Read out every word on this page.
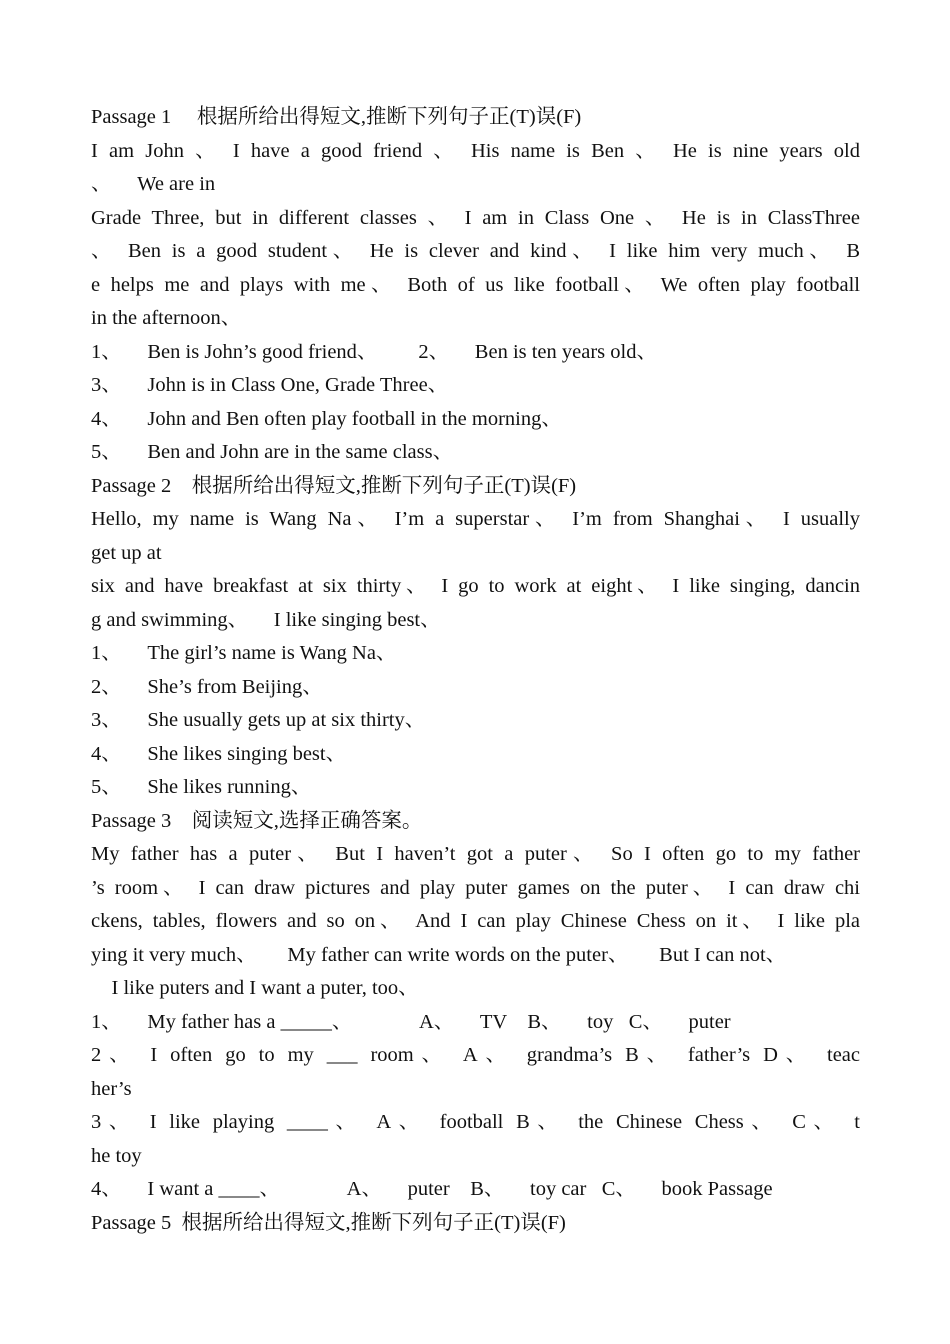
Passage 1     根据所给出得短文,推断下列句子正(T)误(F)
I am John 、 I have a good friend 、 His name is Ben 、 He is nine years old
、     We are in
Grade Three, but in different classes 、 I am in Class One 、 He is in ClassThree
、 Ben is a good student、 He is clever and kind、 I like him very much、 B
e helps me and plays with me、 Both of us like football、 We often play football
in the afternoon、
1、     Ben is John’s good friend、        2、     Ben is ten years old、
3、     John is in Class One, Grade Three、
4、     John and Ben often play football in the morning、
5、     Ben and John are in the same class、
Passage 2    根据所给出得短文,推断下列句子正(T)误(F)
Hello, my name is Wang Na、 I’m a superstar、 I’m from Shanghai、 I usually
get up at
six and have breakfast at six thirty、 I go to work at eight、 I like singing, dancin
g and swimming、     I like singing best、
1、     The girl’s name is Wang Na、
2、     She’s from Beijing、
3、     She usually gets up at six thirty、
4、     She likes singing best、
5、     She likes running、
Passage 3    阅读短文,选择正确答案。
My father has a puter、 But I haven’t got a puter、 So I often go to my father
’s room、 I can draw pictures and play puter games on the puter、 I can draw chi
ckens, tables, flowers and so on、 And I can play Chinese Chess on it、 I like pla
ying it very much、      My father can write words on the puter、      But I can not、
I like puters and I want a puter, too、
1、     My father has a _____、             A、     TV    B、     toy   C、     puter
2、 I often go to my ___ room、 A、 grandma’s B、 father’s D、 teac
her’s
3、 I like playing ____、 A、 football B、 the Chinese Chess、 C、 t
he toy
4、     I want a ____、             A、     puter    B、     toy car   C、     book Passage
Passage 5  根据所给出得短文,推断下列句子正(T)误(F)
